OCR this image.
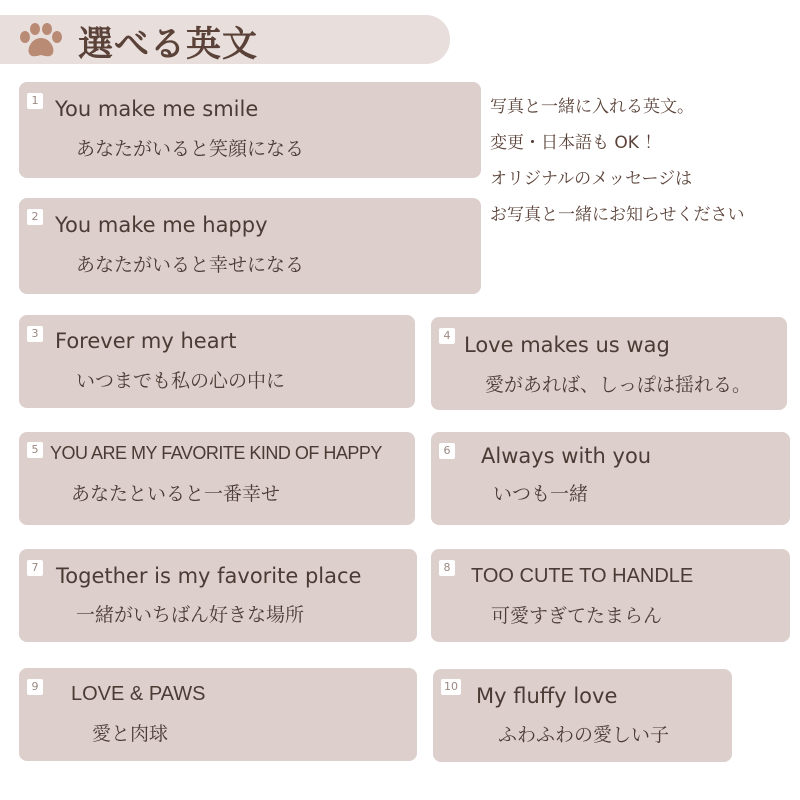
選べる英文
写真と一緒に入れる英文。
変更・日本語も OK ！
オリジナルのメッセージは
お写真と一緒にお知らせください
1 You make me smile
あなたがいると笑顔になる
2 You make me happy
あなたがいると幸せになる
3 Forever my heart
いつまでも私の心の中に
4 Love makes us wag
愛があれば、しっぽは揺れる。
5 YOU ARE MY FAVORITE KIND OF HAPPY
あなたといると一番幸せ
6 Always with you
いつも一緒
7 Together is my favorite place
一緒がいちばん好きな場所
8 TOO CUTE TO HANDLE
可愛すぎてたまらん
9 LOVE & PAWS
愛と肉球
10 My fluffy love
ふわふわの愛しい子
